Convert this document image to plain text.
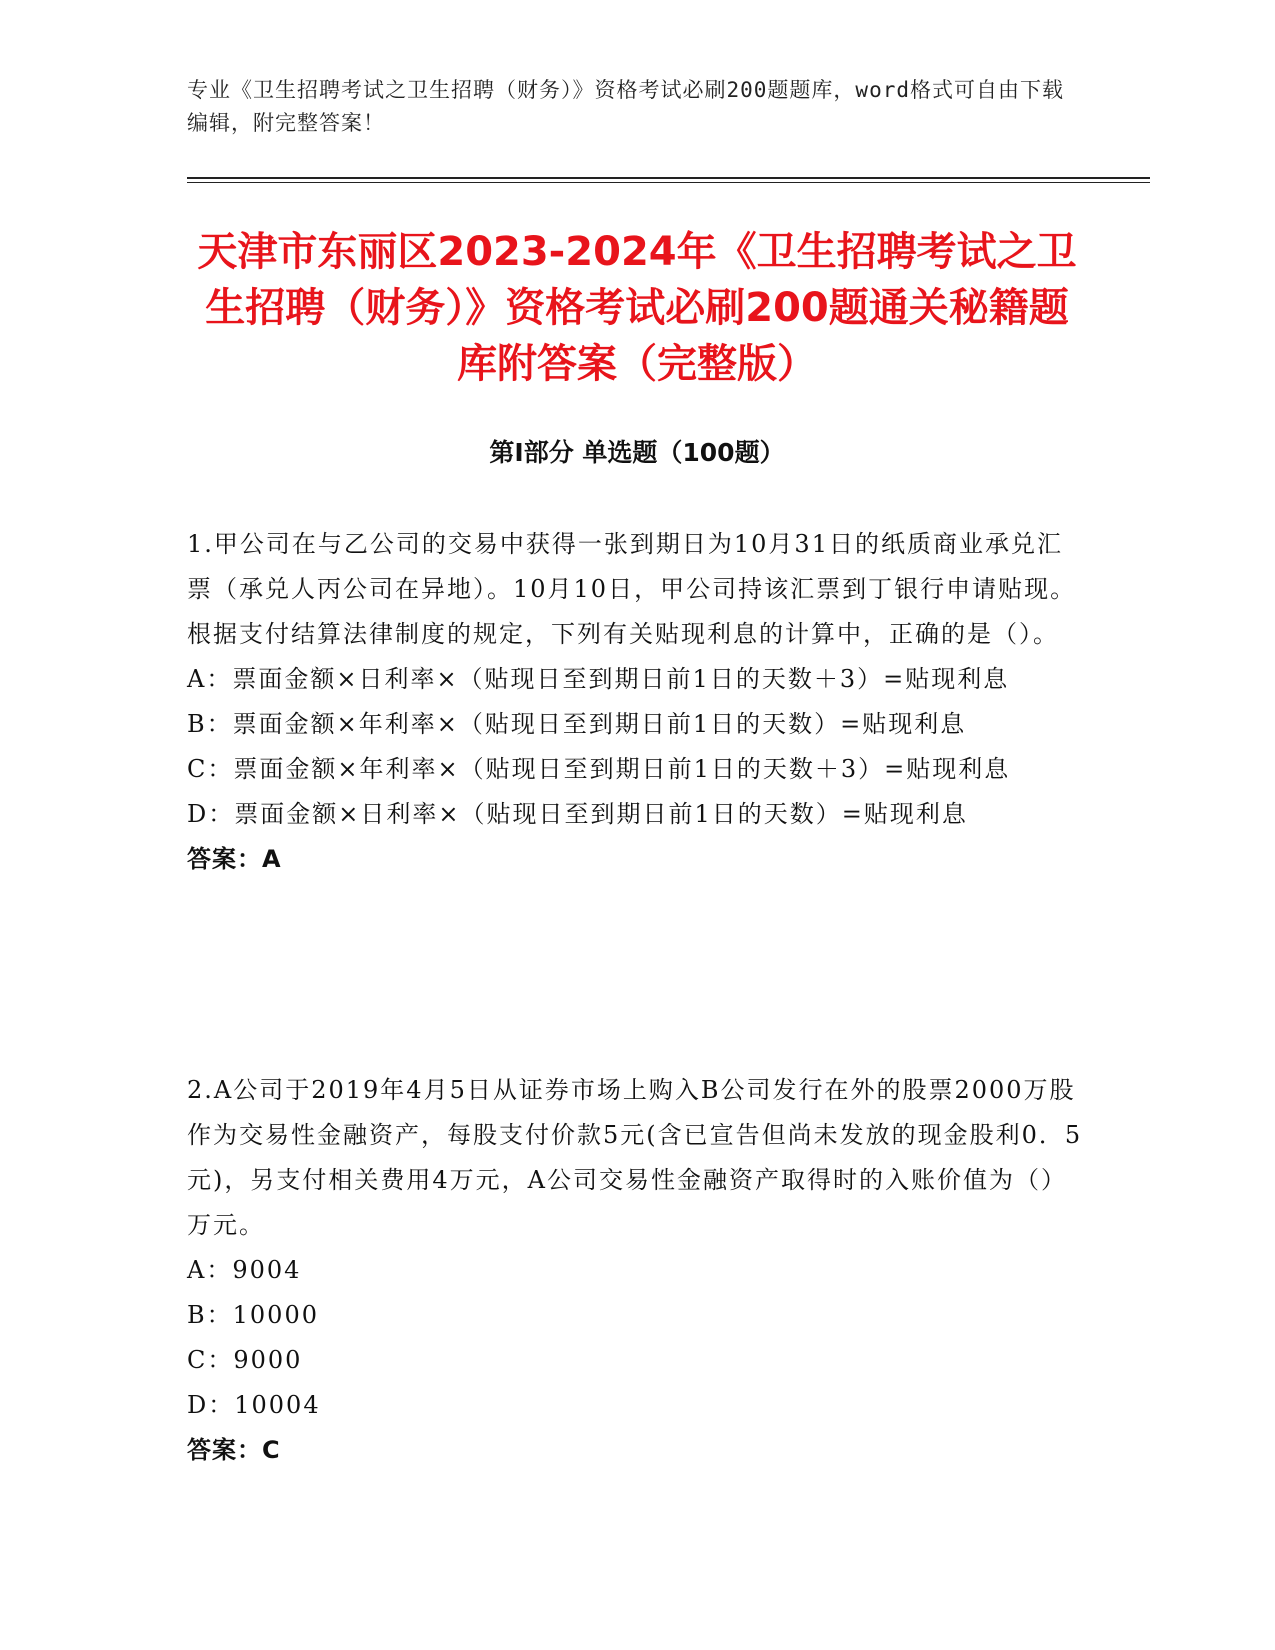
专业《卫生招聘考试之卫生招聘（财务）》资格考试必刷200题题库，word格式可自由下载编辑，附完整答案！
天津市东丽区2023-2024年《卫生招聘考试之卫生招聘（财务）》资格考试必刷200题通关秘籍题库附答案（完整版）
第Ⅰ部分 单选题（100题）

1.甲公司在与乙公司的交易中获得一张到期日为10月31日的纸质商业承兑汇票（承兑人丙公司在异地）。10月10日，甲公司持该汇票到丁银行申请贴现。根据支付结算法律制度的规定，下列有关贴现利息的计算中，正确的是（）。

A：票面金额×日利率×（贴现日至到期日前1日的天数＋3）=贴现利息

B：票面金额×年利率×（贴现日至到期日前1日的天数）=贴现利息

C：票面金额×年利率×（贴现日至到期日前1日的天数＋3）=贴现利息

D：票面金额×日利率×（贴现日至到期日前1日的天数）=贴现利息

答案：A

2.A公司于2019年4月5日从证券市场上购入B公司发行在外的股票2000万股作为交易性金融资产，每股支付价款5元(含已宣告但尚未发放的现金股利0．5元)，另支付相关费用4万元，A公司交易性金融资产取得时的入账价值为（）万元。

A：9004

B：10000

C：9000

D：10004

答案：C
